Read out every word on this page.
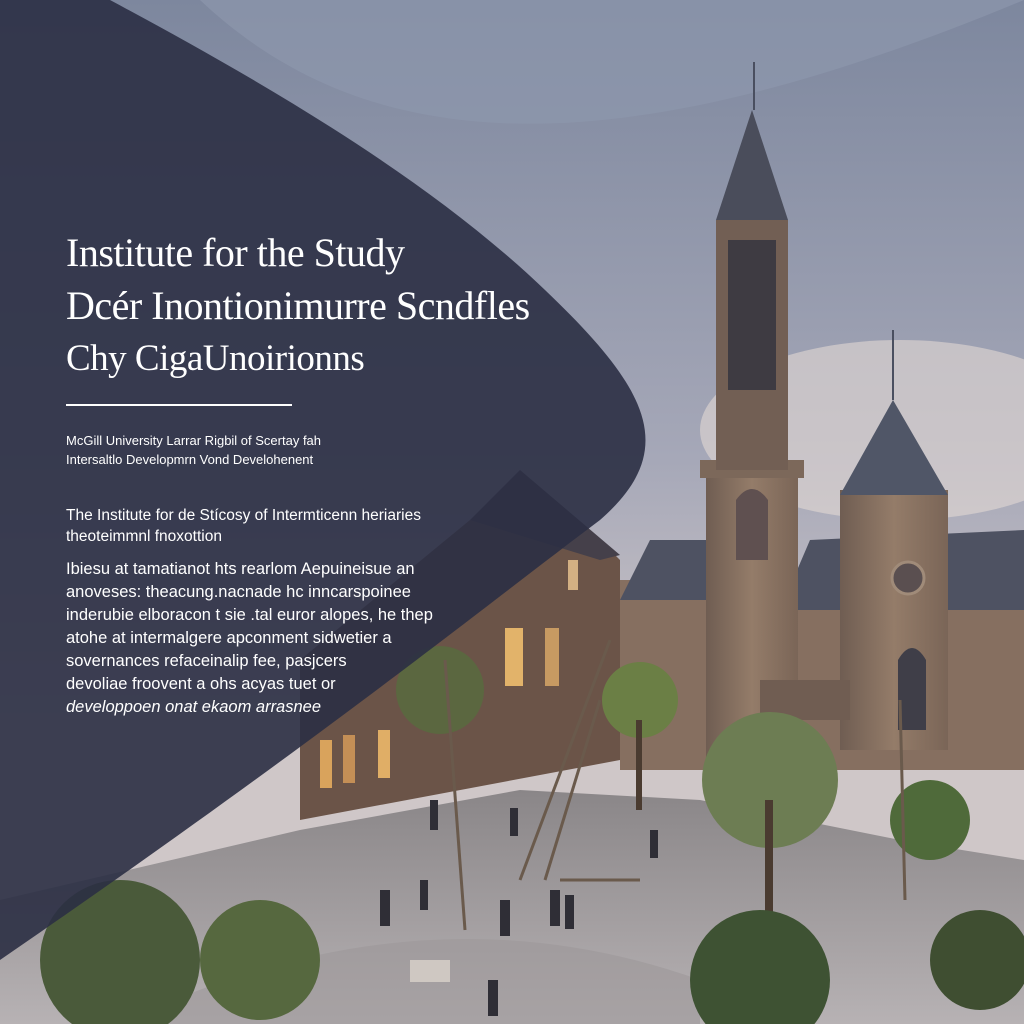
Institute for the Study
Dcér Inontionimurre Scndfles
Chy CigaUnoirionns
McGill University Larrar Rigbil of Scertay fah
Intersaltlo Developmrn Vond Develohenent
The Institute for de Stícosy of Intermticenn heriaries
theoteimmnl fnoxottion
Ibiesu at tamatianot hts rearlom Aepuineisue an
anoveses: theacung.nacnade hc inncarspoinee
inderubie elboracon t sie .tal euror alopes, he thep
atohe at intermalgere apconment sidwetier a
sovernances refaceinalip fee, pasjcers
devoliae froovent a ohs acyas tuet or
developpoen onat ekaom arrasnee
